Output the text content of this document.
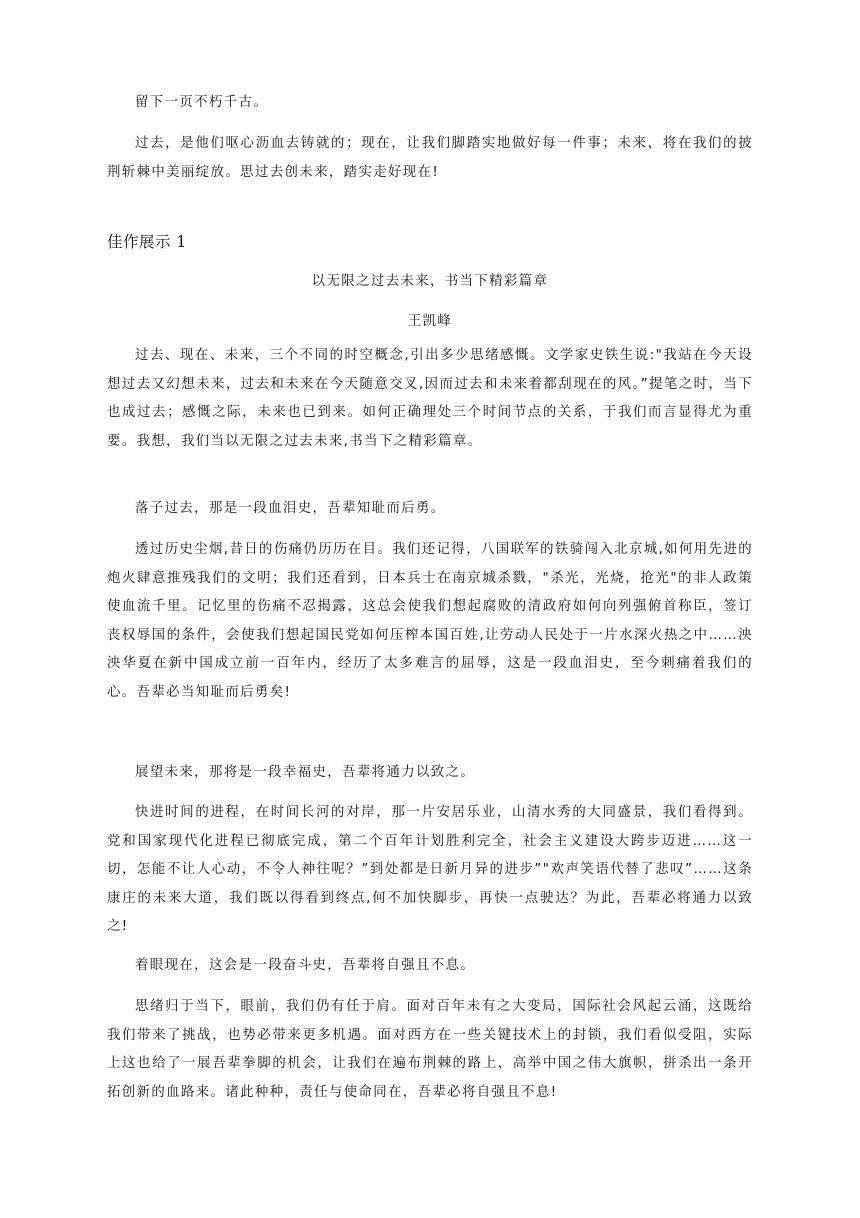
留下一页不朽千古。

过去，是他们呕心沥血去铸就的；现在，让我们脚踏实地做好每一件事；未来，将在我们的披荆斩棘中美丽绽放。思过去创未来，踏实走好现在!

佳作展示 1
以无限之过去未来，书当下精彩篇章
王凯峰

过去、现在、未来，三个不同的时空概念,引出多少思绪感慨。文学家史铁生说:"我站在今天设想过去又幻想未来，过去和未来在今天随意交叉,因而过去和未来着都刮现在的风。”提笔之时，当下也成过去；感慨之际，未来也已到来。如何正确理处三个时间节点的关系，于我们而言显得尤为重要。我想，我们当以无限之过去未来,书当下之精彩篇章。

落子过去，那是一段血泪史，吾辈知耻而后勇。

透过历史尘烟,昔日的伤痛仍历历在目。我们还记得，八国联军的铁骑闯入北京城,如何用先进的炮火肆意推残我们的文明；我们还看到，日本兵士在南京城杀戮，"杀光，光烧，抢光"的非人政策使血流千里。记忆里的伤痛不忍揭露，这总会使我们想起腐败的清政府如何向列强俯首称臣，签订丧权辱国的条件，会使我们想起国民党如何压榨本国百姓,让劳动人民处于一片水深火热之中……泱泱华夏在新中国成立前一百年内，经历了太多难言的屈辱，这是一段血泪史，至今刺痛着我们的心。吾辈必当知耻而后勇矣!

展望未来，那将是一段幸福史，吾辈将通力以致之。

快进时间的进程，在时间长河的对岸，那一片安居乐业，山清水秀的大同盛景，我们看得到。党和国家现代化进程已彻底完成，第二个百年计划胜利完全，社会主义建设大跨步迈进……这一切，怎能不让人心动，不令人神往呢？”到处都是日新月异的进步”"欢声笑语代替了悲叹”……这条康庄的未来大道，我们既以得看到终点,何不加快脚步，再快一点驶达？为此，吾辈必将通力以致之!

着眼现在，这会是一段奋斗史，吾辈将自强且不息。

思绪归于当下，眼前，我们仍有任于肩。面对百年未有之大变局，国际社会风起云涌，这既给我们带来了挑战，也势必带来更多机遇。面对西方在一些关键技术上的封锁，我们看似受阻，实际上这也给了一展吾辈拳脚的机会，让我们在遍布荆棘的路上，高举中国之伟大旗帜，拼杀出一条开拓创新的血路来。诸此种种，责任与使命同在，吾辈必将自强且不息!
